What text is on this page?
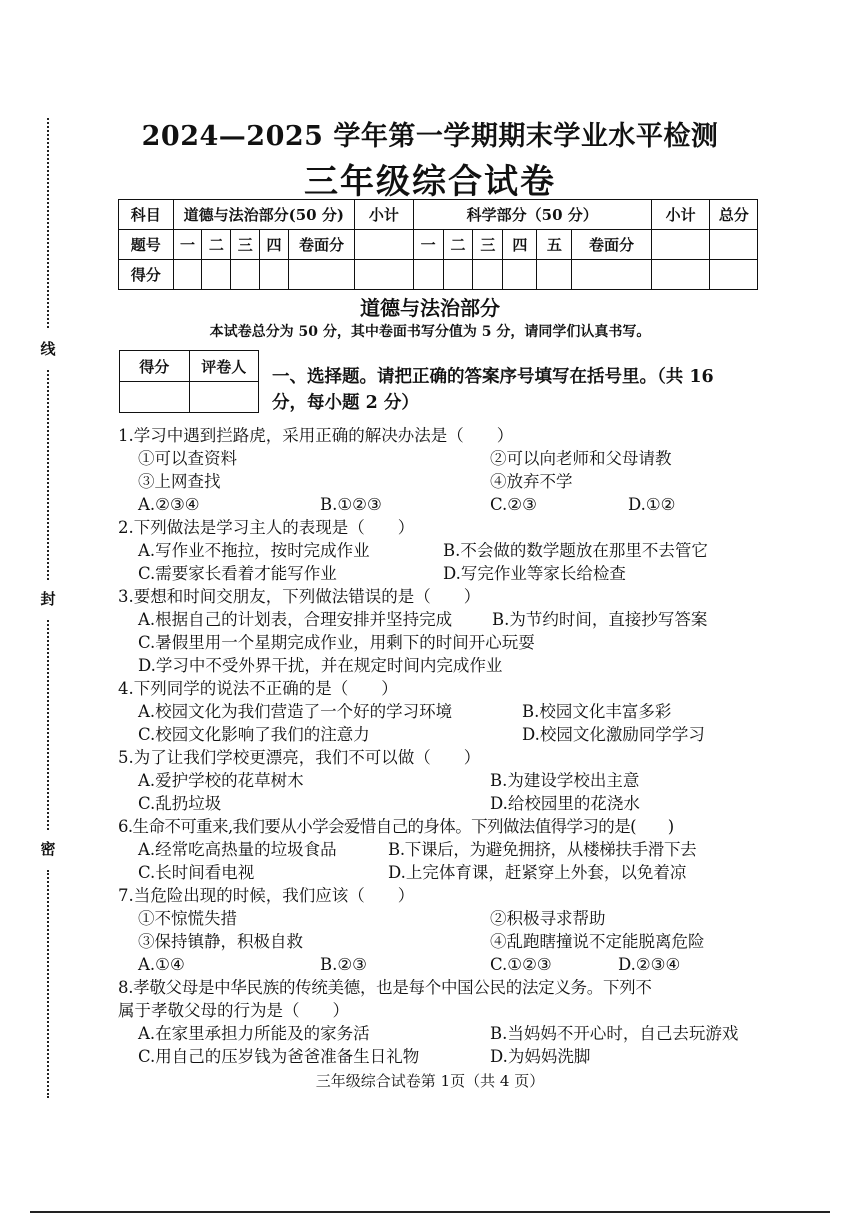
线
封
密
2024—2025 学年第一学期期末学业水平检测
三年级综合试卷
科目	道德与法治部分(50 分)					小计	科学部分（50 分）						小计	总分
题号	一	二	三	四	卷面分		一	二	三	四	五	卷面分		
得分														
道德与法治部分
本试卷总分为 50 分，其中卷面书写分值为 5 分，请同学们认真书写。
得分	评卷人

一、选择题。请把正确的答案序号填写在括号里。（共 16
分，每小题 2 分）
1.学习中遇到拦路虎，采用正确的解决办法是（　　）
①可以查资料	②可以向老师和父母请教
③上网查找	④放弃不学
A.②③④	B.①②③	C.②③	D.①②
2.下列做法是学习主人的表现是（　　）
A.写作业不拖拉，按时完成作业	B.不会做的数学题放在那里不去管它
C.需要家长看着才能写作业	D.写完作业等家长给检查
3.要想和时间交朋友，下列做法错误的是（　　）
A.根据自己的计划表，合理安排并坚持完成 B.为节约时间，直接抄写答案
C.暑假里用一个星期完成作业，用剩下的时间开心玩耍
D.学习中不受外界干扰，并在规定时间内完成作业
4.下列同学的说法不正确的是（　　）
A.校园文化为我们营造了一个好的学习环境	B.校园文化丰富多彩
C.校园文化影响了我们的注意力	D.校园文化激励同学学习
5.为了让我们学校更漂亮，我们不可以做（　　）
A.爱护学校的花草树木	B.为建设学校出主意
C.乱扔垃圾	D.给校园里的花浇水
6.生命不可重来,我们要从小学会爱惜自己的身体。下列做法值得学习的是(　　)
A.经常吃高热量的垃圾食品	B.下课后，为避免拥挤，从楼梯扶手滑下去
C.长时间看电视	D.上完体育课，赶紧穿上外套，以免着凉
7.当危险出现的时候，我们应该（　　）
①不惊慌失措	②积极寻求帮助
③保持镇静，积极自救	④乱跑瞎撞说不定能脱离危险
A.①④	B.②③	C.①②③	D.②③④
8.孝敬父母是中华民族的传统美德，也是每个中国公民的法定义务。下列不
属于孝敬父母的行为是（　　）
A.在家里承担力所能及的家务活	B.当妈妈不开心时，自己去玩游戏
C.用自己的压岁钱为爸爸准备生日礼物	D.为妈妈洗脚
三年级综合试卷第 1页（共 4 页）
